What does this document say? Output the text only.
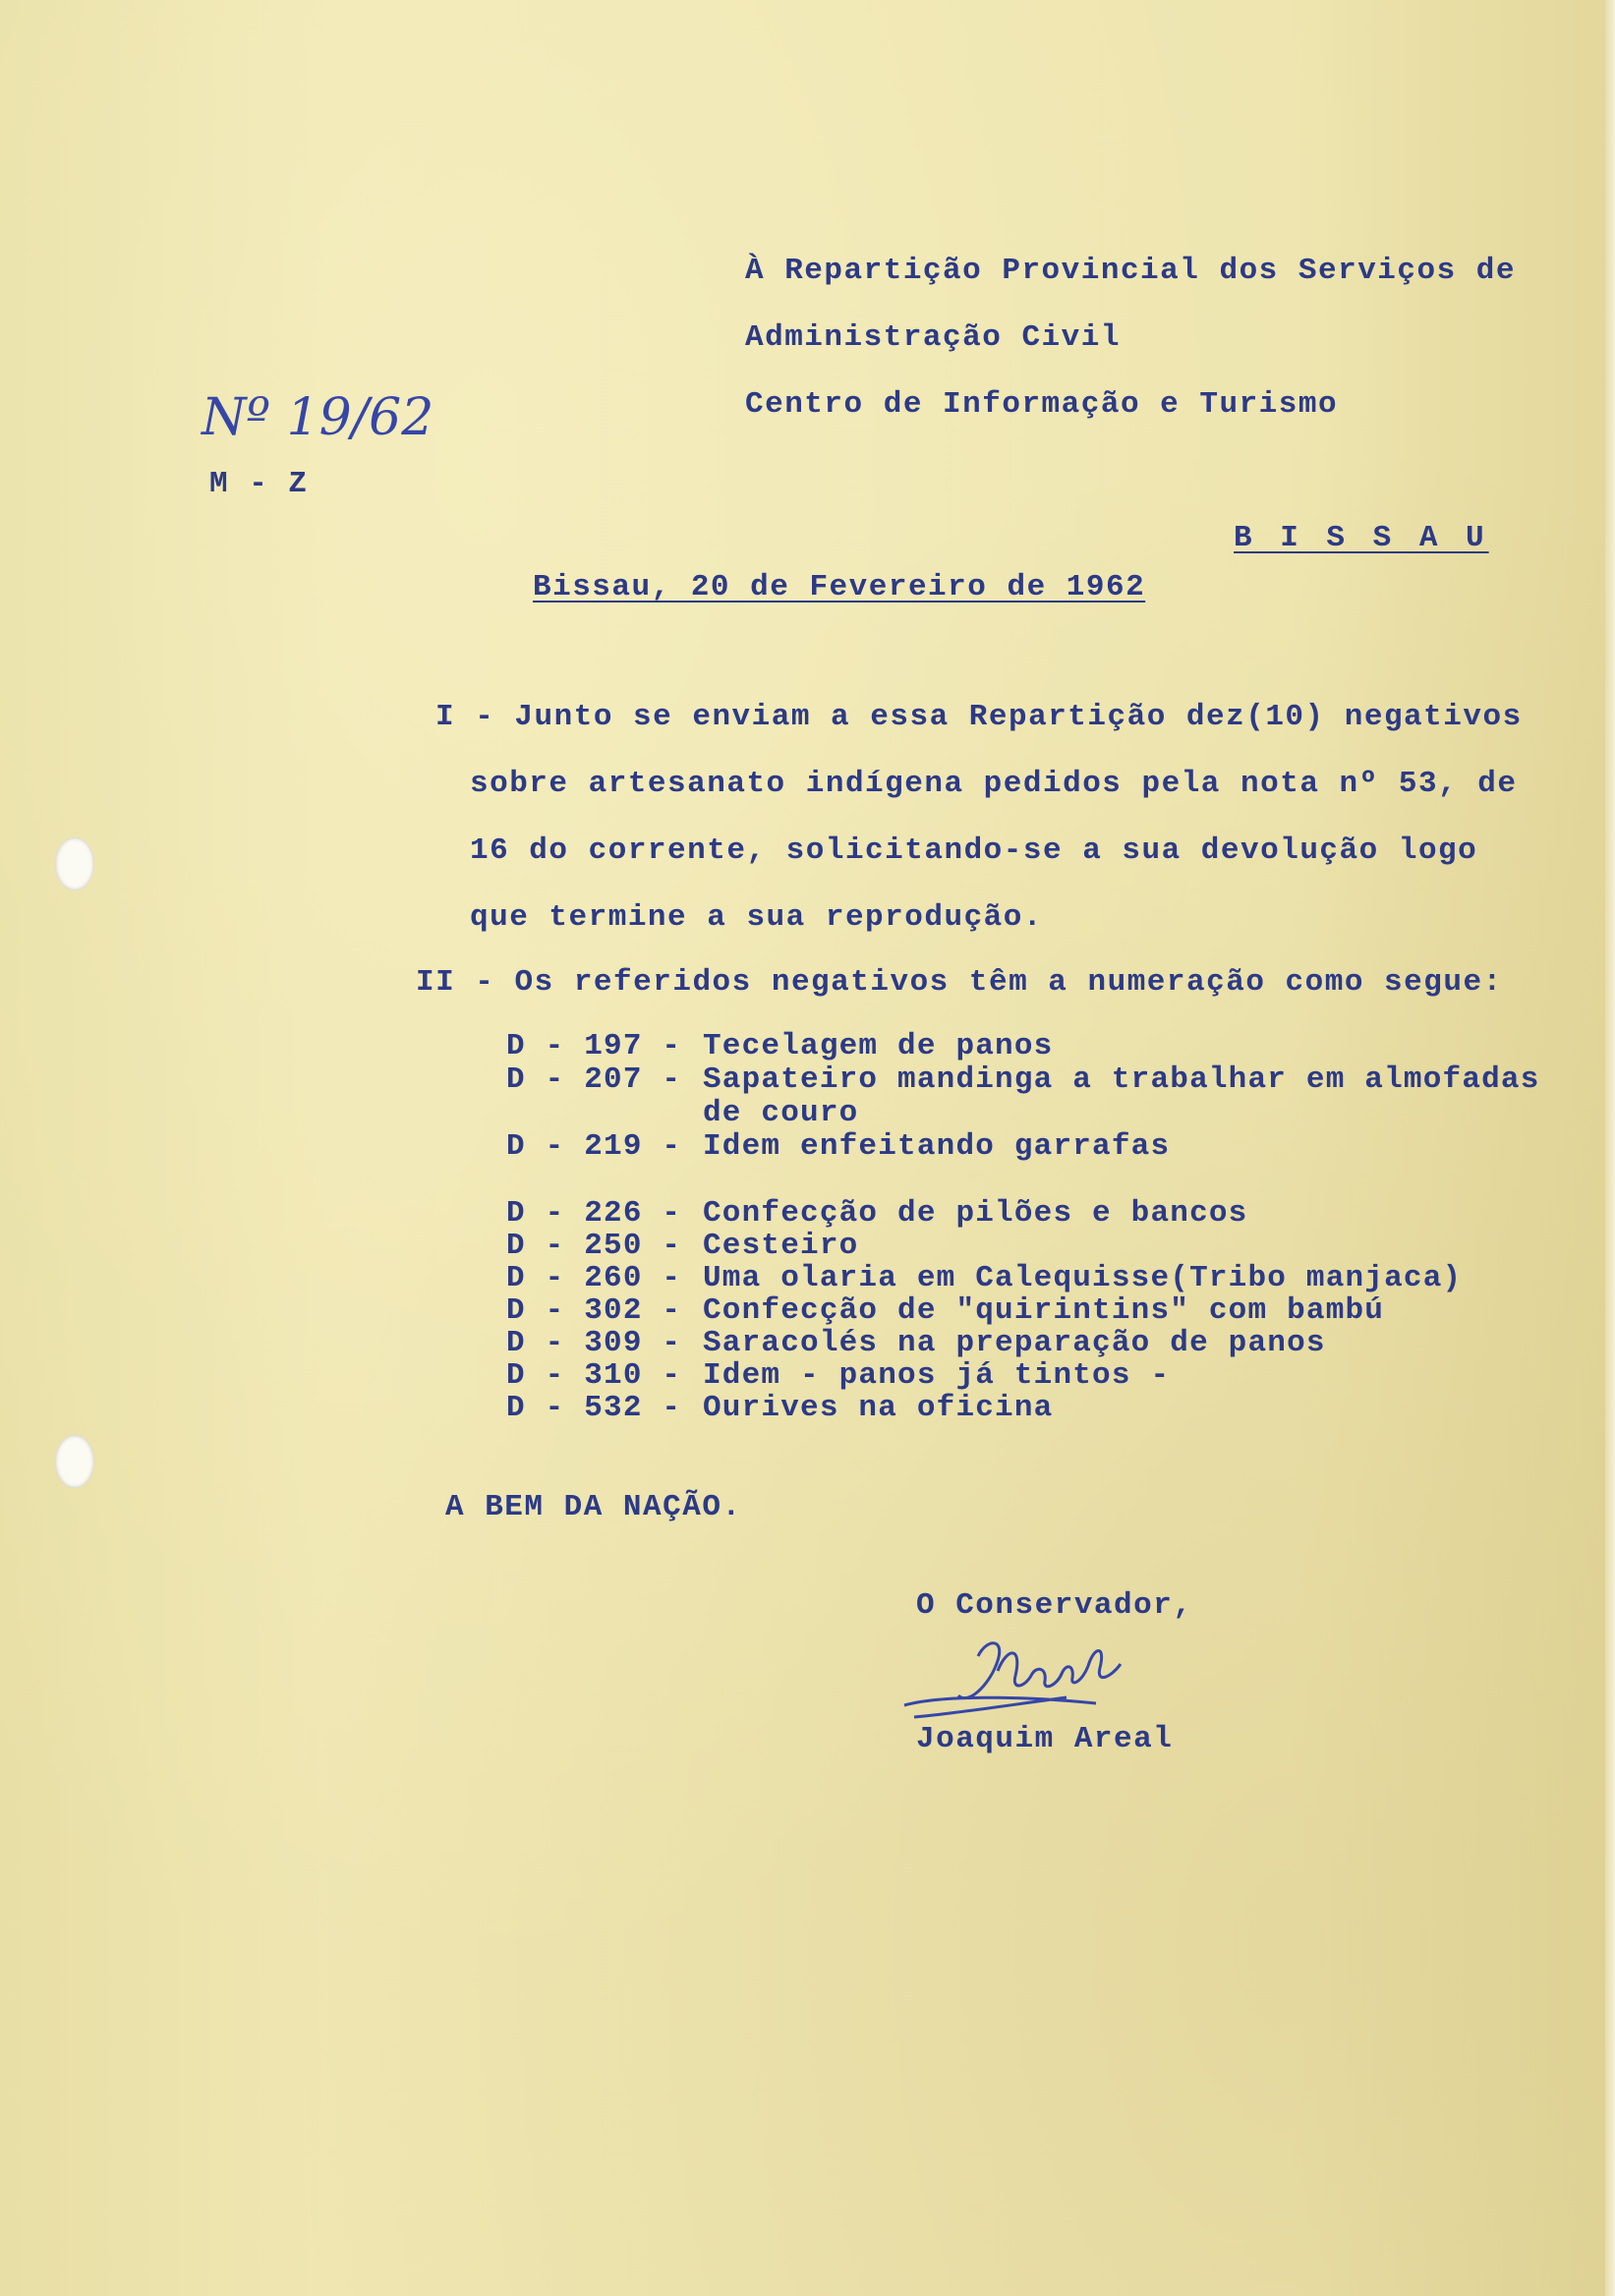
Nº 19/62
M - Z
À Repartição Provincial dos Serviços de
Administração Civil
Centro de Informação e Turismo
B I S S A U
Bissau, 20 de Fevereiro de 1962
I - Junto se enviam a essa Repartição dez(10) negativos
sobre artesanato indígena pedidos pela nota nº 53, de
16 do corrente, solicitando-se a sua devolução logo
que termine a sua reprodução.
II - Os referidos negativos têm a numeração como segue:
D - 197 - Tecelagem de panos
D - 207 - Sapateiro mandinga a trabalhar em almofadas
de couro
D - 219 - Idem enfeitando garrafas
D - 226 - Confecção de pilões e bancos
D - 250 - Cesteiro
D - 260 - Uma olaria em Calequisse(Tribo manjaca)
D - 302 - Confecção de "quirintins" com bambú
D - 309 - Saracolés na preparação de panos
D - 310 - Idem - panos já tintos -
D - 532 - Ourives na oficina
A BEM DA NAÇÃO.
O Conservador,
Joaquim Areal
